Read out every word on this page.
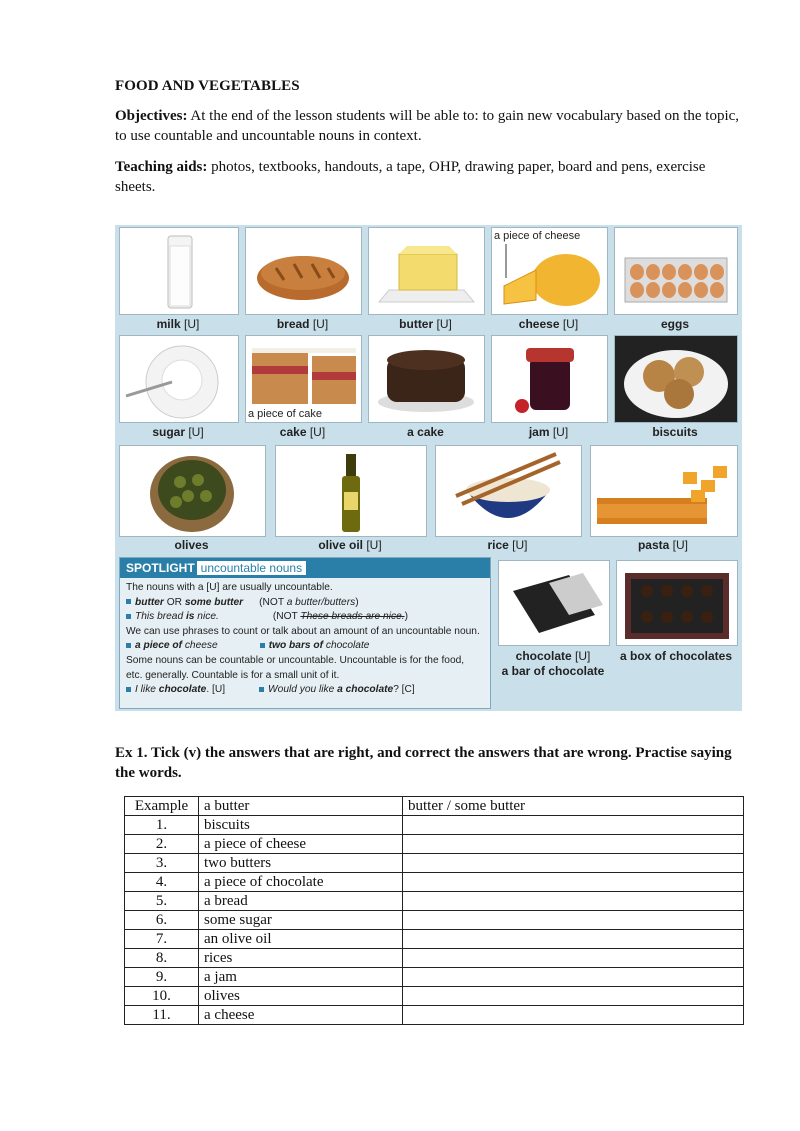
FOOD AND VEGETABLES

Objectives: At the end of the lesson students will be able to: to gain new vocabulary based on the topic, to use countable and uncountable nouns in context.

Teaching aids: photos, textbooks, handouts, a tape, OHP, drawing paper, board and pens, exercise sheets.

milk [U]	bread [U]	butter [U]
a piece of cheese
cheese [U]	eggs
sugar [U]
a piece of cake
cake [U]	a cake	jam [U]	biscuits
olives	olive oil [U]	rice [U]	pasta [U]
chocolate [U]
a bar of chocolate
a box of chocolates
SPOTLIGHT uncountable nouns
The nouns with a [U] are usually uncountable.
butter OR some butter (NOT a butter/butters)
This bread is nice.	(NOT These breads are nice.)
We can use phrases to count or talk about an amount of an uncountable noun.
a piece of cheese	two bars of chocolate
Some nouns can be countable or uncountable. Uncountable is for the food,
etc. generally. Countable is for a small unit of it.
I like chocolate. [U]	Would you like a chocolate? [C]
Ex 1. Tick (v) the answers that are right, and correct the answers that are wrong. Practise saying the words.
Example	a butter	butter / some butter
1.	biscuits	
2.	a piece of cheese	
3.	two butters	
4.	a piece of chocolate	
5.	a bread	
6.	some sugar	
7.	an olive oil	
8.	rices	
9.	a jam	
10.	olives	
11.	a cheese	
